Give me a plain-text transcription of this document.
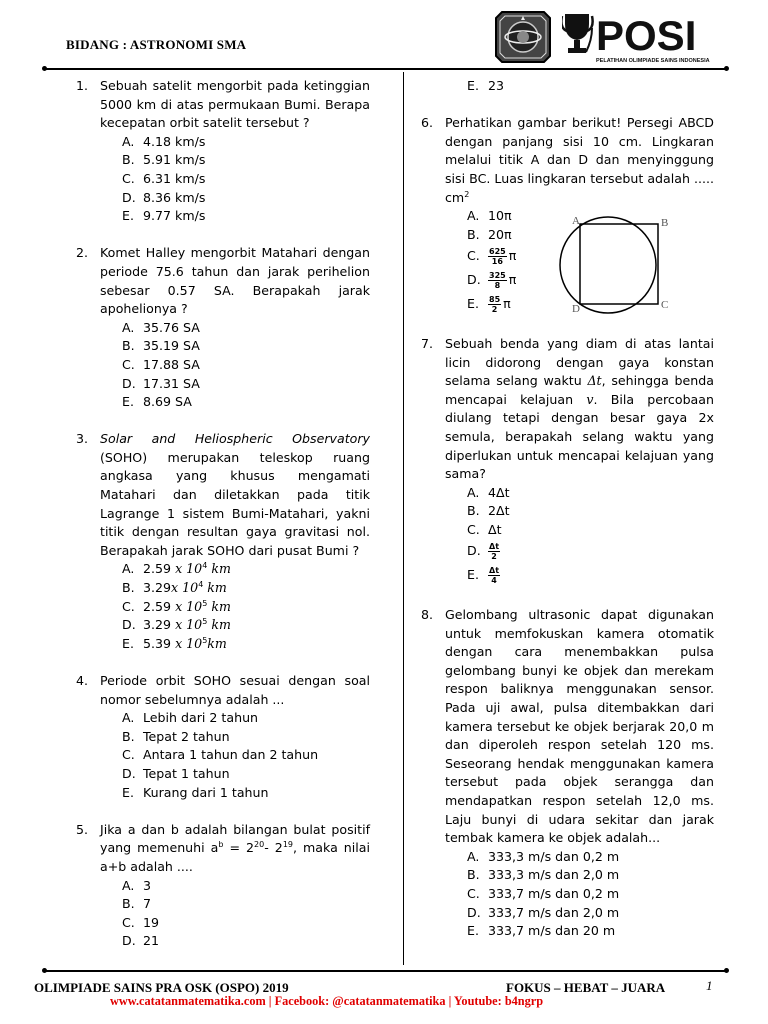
BIDANG : ASTRONOMI SMA	POSI
PELATIHAN OLIMPIADE SAINS INDONESIA
1. Sebuah satelit mengorbit pada ketinggian 5000 km di atas permukaan Bumi. Berapa kecepatan orbit satelit tersebut ?
A. 4.18 km/s
B. 5.91 km/s
C. 6.31 km/s
D. 8.36 km/s
E. 9.77 km/s
2. Komet Halley mengorbit Matahari dengan periode 75.6 tahun dan jarak perihelion sebesar 0.57 SA. Berapakah jarak apohelionya ?
A. 35.76 SA
B. 35.19 SA
C. 17.88 SA
D. 17.31 SA
E. 8.69 SA
3. Solar and Heliospheric Observatory (SOHO) merupakan teleskop ruang angkasa yang khusus mengamati Matahari dan diletakkan pada titik Lagrange 1 sistem Bumi-Matahari, yakni titik dengan resultan gaya gravitasi nol. Berapakah jarak SOHO dari pusat Bumi ?
A. 2.59 x $10^4$ km
B. 3.29x $10^4$ km
C. 2.59 x $10^5$ km
D. 3.29 x $10^5$ km
E. 5.39 x $10^5km$
4. Periode orbit SOHO sesuai dengan soal nomor sebelumnya adalah ...
A. Lebih dari 2 tahun
B. Tepat 2 tahun
C. Antara 1 tahun dan 2 tahun
D. Tepat 1 tahun
E. Kurang dari 1 tahun
5. Jika a dan b adalah bilangan bulat positif yang memenuhi $a^b = 2^{20}-$ $2^{19}$, maka nilai a+b adalah ....
A. 3
B. 7
C. 19
D. 21
E. 23
6. Perhatikan gambar berikut! Persegi ABCD dengan panjang sisi 10 cm. Lingkaran melalui titik A dan D dan menyinggung sisi BC. Luas lingkaran tersebut adalah ..... $cm^2$
A. 10π
B. 20π
C.	$\frac{625}{16}$ π
D. $\frac{325}{8}$ π
E.	$\frac{85}{2}$ π
7. Sebuah benda yang diam di atas lantai licin didorong dengan gaya konstan selama selang waktu Δt, sehingga benda mencapai kelajuan v. Bila percobaan diulang tetapi dengan besar gaya 2x semula, berapakah selang waktu yang diperlukan untuk mencapai kelajuan yang sama?
A. 4Δt
B. 2Δt
C. Δt
D. $\frac{\Delta t}{2}$
E.	$\frac{\Delta t}{4}$
8. Gelombang ultrasonic dapat digunakan untuk memfokuskan kamera otomatik dengan cara menembakkan pulsa gelombang bunyi ke objek dan merekam respon baliknya menggunakan sensor. Pada uji awal, pulsa ditembakkan dari kamera tersebut ke objek berjarak 20,0 m dan diperoleh respon setelah 120 ms. Seseorang hendak menggunakan kamera tersebut pada objek serangga dan mendapatkan respon setelah 12,0 ms. Laju bunyi di udara sekitar dan jarak tembak kamera ke objek adalah...
A. 333,3 m/s dan 0,2 m
B. 333,3 m/s dan 2,0 m
C. 333,7 m/s dan 0,2 m
D. 333,7 m/s dan 2,0 m
E. 333,7 m/s dan 20 m
A	B
C
D
OLIMPIADE SAINS PRA OSK (OSPO) 2019	FOKUS – HEBAT – JUARA	1
www.catatanmatematika.com | Facebook: @catatanmatematika | Youtube: b4ngrp
